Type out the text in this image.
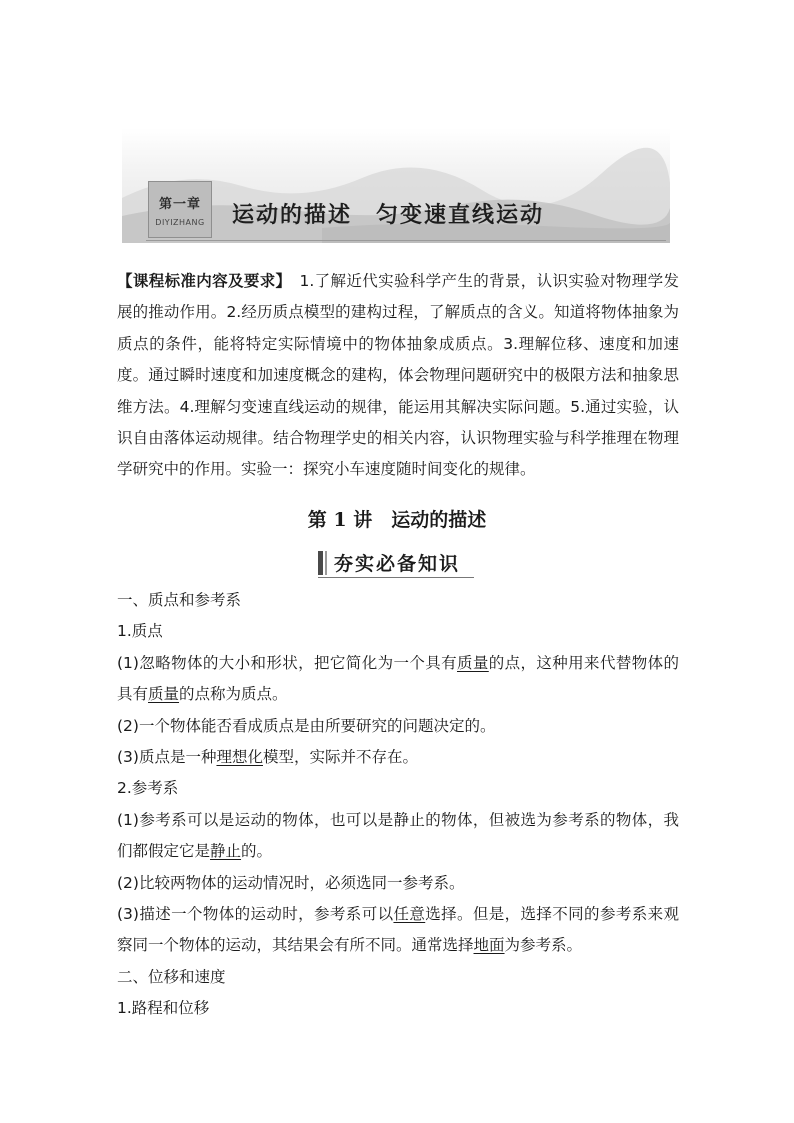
第一章
DIYIZHANG 运动的描述　匀变速直线运动
【课程标准内容及要求】　1.了解近代实验科学产生的背景，认识实验对物理学发展的推动作用。2.经历质点模型的建构过程，了解质点的含义。知道将物体抽象为质点的条件，能将特定实际情境中的物体抽象成质点。3.理解位移、速度和加速度。通过瞬时速度和加速度概念的建构，体会物理问题研究中的极限方法和抽象思维方法。4.理解匀变速直线运动的规律，能运用其解决实际问题。5.通过实验，认识自由落体运动规律。结合物理学史的相关内容，认识物理实验与科学推理在物理学研究中的作用。实验一：探究小车速度随时间变化的规律。
第 1 讲　运动的描述
夯实必备知识

一、质点和参考系

1.质点

(1)忽略物体的大小和形状，把它简化为一个具有质量的点，这种用来代替物体的具有质量的点称为质点。

(2)一个物体能否看成质点是由所要研究的问题决定的。

(3)质点是一种理想化模型，实际并不存在。

2.参考系

(1)参考系可以是运动的物体，也可以是静止的物体，但被选为参考系的物体，我们都假定它是静止的。

(2)比较两物体的运动情况时，必须选同一参考系。

(3)描述一个物体的运动时，参考系可以任意选择。但是，选择不同的参考系来观察同一个物体的运动，其结果会有所不同。通常选择地面为参考系。

二、位移和速度

1.路程和位移
